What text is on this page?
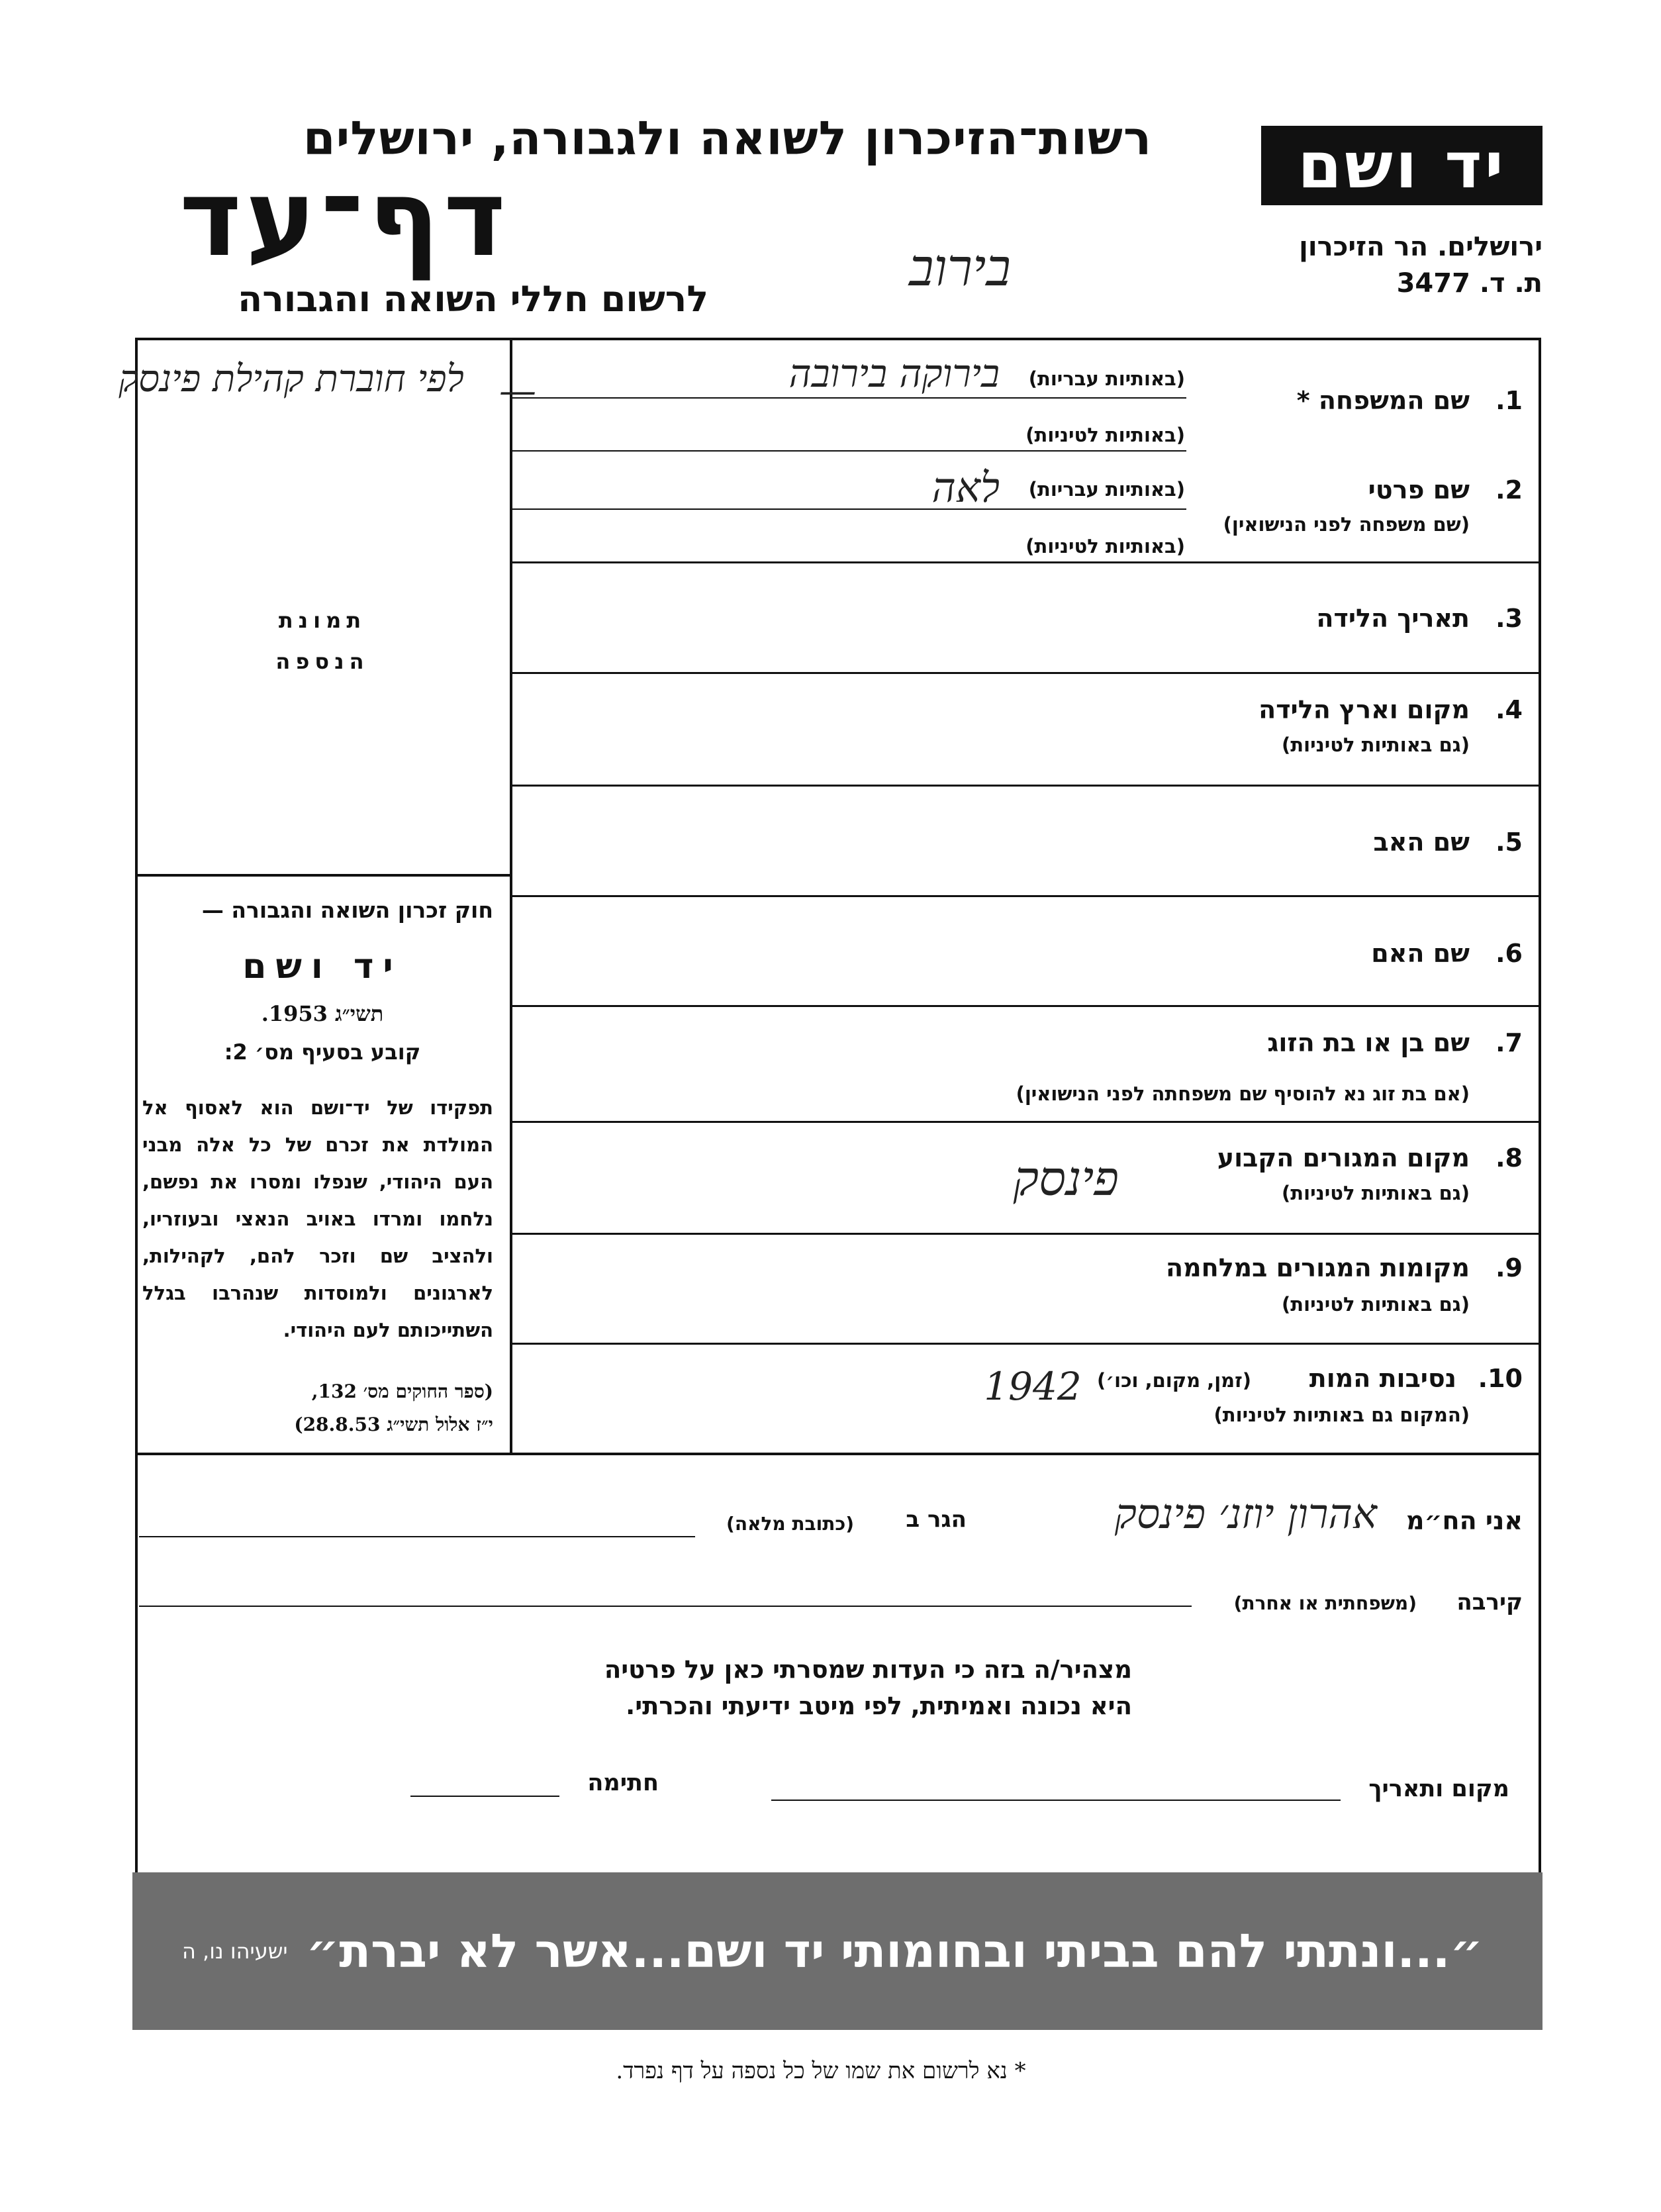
יד ושם
ירושלים. הר הזיכרון
ת. ד. 3477
רשות־הזיכרון לשואה ולגבורה, ירושלים
דף־עד
לרשום חללי השואה והגבורה
בירוב
1.
שם המשפחה *
(באותיות עבריות)
(באותיות לטיניות)
בירוקה בירובה
2.
שם פרטי
(שם משפחה לפני הנישואין)
(באותיות עבריות)
(באותיות לטיניות)
לאה
3.
תאריך הלידה
4.
מקום וארץ הלידה
(גם באותיות לטיניות)
5.
שם האב
6.
שם האם
7.
שם בן או בת הזוג
(אם בת זוג נא להוסיף שם משפחתה לפני הנישואין)
8.
מקום המגורים הקבוע
(גם באותיות לטיניות)
פינסק
9.
מקומות המגורים במלחמה
(גם באותיות לטיניות)
10.
נסיבות המות
(זמן, מקום, וכו׳)
(המקום גם באותיות לטיניות)
1942
לפי חוברת קהילת פינסק —
תמונת
הנספה
חוק זכרון השואה והגבורה —
יד ושם
תשי״ג 1953.
קובע בסעיף מס׳ 2:
תפקידו של יד־ושם הוא לאסוף אל המולדת את זכרם של כל אלה מבני העם היהודי, שנפלו ומסרו את נפשם, נלחמו ומרדו באויב הנאצי ובעוזריו, ולהציב שם וזכר להם, לקהילות, לארגונים ולמוסדות שנהרבו בגלל השתייכותם לעם היהודי.
(ספר החוקים מס׳ 132,
י״ז אלול תשי״ג 28.8.53)
אני הח״מ
אהרון יוזנ׳ פינסק
הגר ב
(כתובת מלאה)
קירבה
(משפחתית או אחרת)
מצהיר/ה בזה כי העדות שמסרתי כאן על פרטיה
היא נכונה ואמיתית, לפי מיטב ידיעתי והכרתי.
מקום ותאריך
חתימה
״...ונתתי להם בביתי ובחומותי יד ושם...אשר לא יברת״
ישעיהו נו, ה
* נא לרשום את שמו של כל נספה על דף נפרד.
